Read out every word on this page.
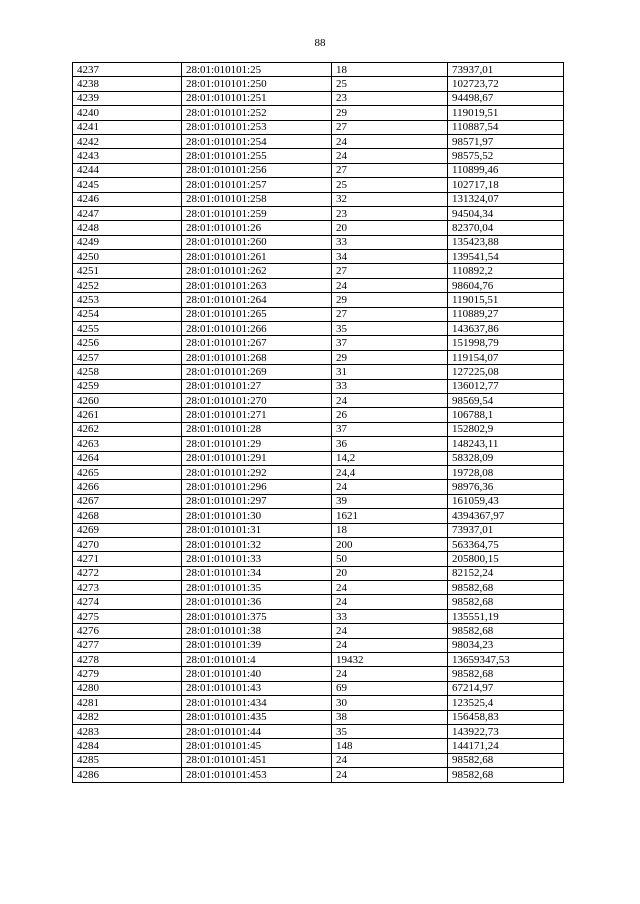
88
4237	28:01:010101:25	18	73937,01
4238	28:01:010101:250	25	102723,72
4239	28:01:010101:251	23	94498,67
4240	28:01:010101:252	29	119019,51
4241	28:01:010101:253	27	110887,54
4242	28:01:010101:254	24	98571,97
4243	28:01:010101:255	24	98575,52
4244	28:01:010101:256	27	110899,46
4245	28:01:010101:257	25	102717,18
4246	28:01:010101:258	32	131324,07
4247	28:01:010101:259	23	94504,34
4248	28:01:010101:26	20	82370,04
4249	28:01:010101:260	33	135423,88
4250	28:01:010101:261	34	139541,54
4251	28:01:010101:262	27	110892,2
4252	28:01:010101:263	24	98604,76
4253	28:01:010101:264	29	119015,51
4254	28:01:010101:265	27	110889,27
4255	28:01:010101:266	35	143637,86
4256	28:01:010101:267	37	151998,79
4257	28:01:010101:268	29	119154,07
4258	28:01:010101:269	31	127225,08
4259	28:01:010101:27	33	136012,77
4260	28:01:010101:270	24	98569,54
4261	28:01:010101:271	26	106788,1
4262	28:01:010101:28	37	152802,9
4263	28:01:010101:29	36	148243,11
4264	28:01:010101:291	14,2	58328,09
4265	28:01:010101:292	24,4	19728,08
4266	28:01:010101:296	24	98976,36
4267	28:01:010101:297	39	161059,43
4268	28:01:010101:30	1621	4394367,97
4269	28:01:010101:31	18	73937,01
4270	28:01:010101:32	200	563364,75
4271	28:01:010101:33	50	205800,15
4272	28:01:010101:34	20	82152,24
4273	28:01:010101:35	24	98582,68
4274	28:01:010101:36	24	98582,68
4275	28:01:010101:375	33	135551,19
4276	28:01:010101:38	24	98582,68
4277	28:01:010101:39	24	98034,23
4278	28:01:010101:4	19432	13659347,53
4279	28:01:010101:40	24	98582,68
4280	28:01:010101:43	69	67214,97
4281	28:01:010101:434	30	123525,4
4282	28:01:010101:435	38	156458,83
4283	28:01:010101:44	35	143922,73
4284	28:01:010101:45	148	144171,24
4285	28:01:010101:451	24	98582,68
4286	28:01:010101:453	24	98582,68
